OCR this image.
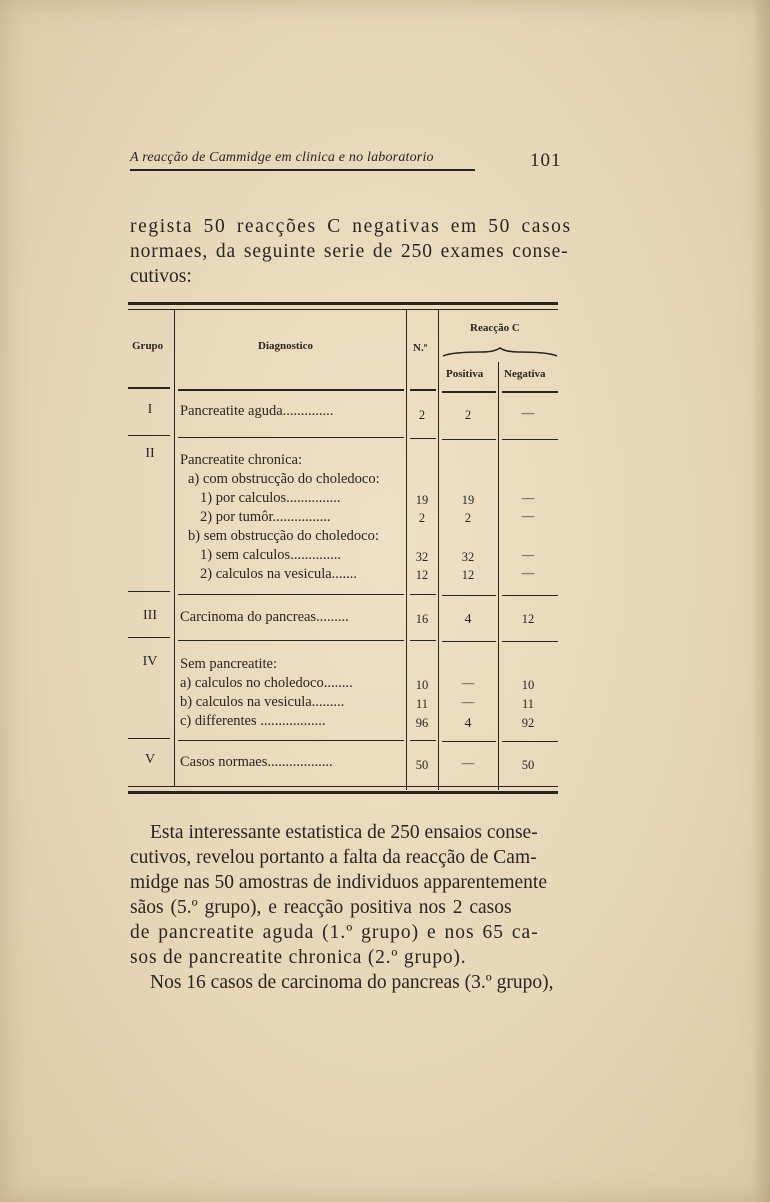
A reacção de Cammidge em clinica e no laboratorio	101
regista 50 reacções C negativas em 50 casos
normaes, da seguinte serie de 250 exames conse-
cutivos:
Grupo	Diagnostico	N.º
Reacção C
Positiva Negativa
I	Pancreatite aguda..............	2	2	—
II	Pancreatite chronica:
a) com obstrucção do choledoco:
1) por calculos...............	19	19	—
2) por tumôr................	2	2	—
b) sem obstrucção do choledoco:
1) sem calculos..............	32	32	—
2) calculos na vesicula.......	12	12	—
III	Carcinoma do pancreas.........	16	4	12
IV	Sem pancreatite:
a) calculos no choledoco........	10	—	10
b) calculos na vesicula.........	11	—	11
c) differentes ..................	96	4	92
V	Casos normaes..................	50	—	50
Esta interessante estatistica de 250 ensaios conse-
cutivos, revelou portanto a falta da reacção de Cam-
midge nas 50 amostras de individuos apparentemente
sãos (5.º grupo), e reacção positiva nos 2 casos
de pancreatite aguda (1.º grupo) e nos 65 ca-
sos de pancreatite chronica (2.º grupo).
Nos 16 casos de carcinoma do pancreas (3.º grupo),
